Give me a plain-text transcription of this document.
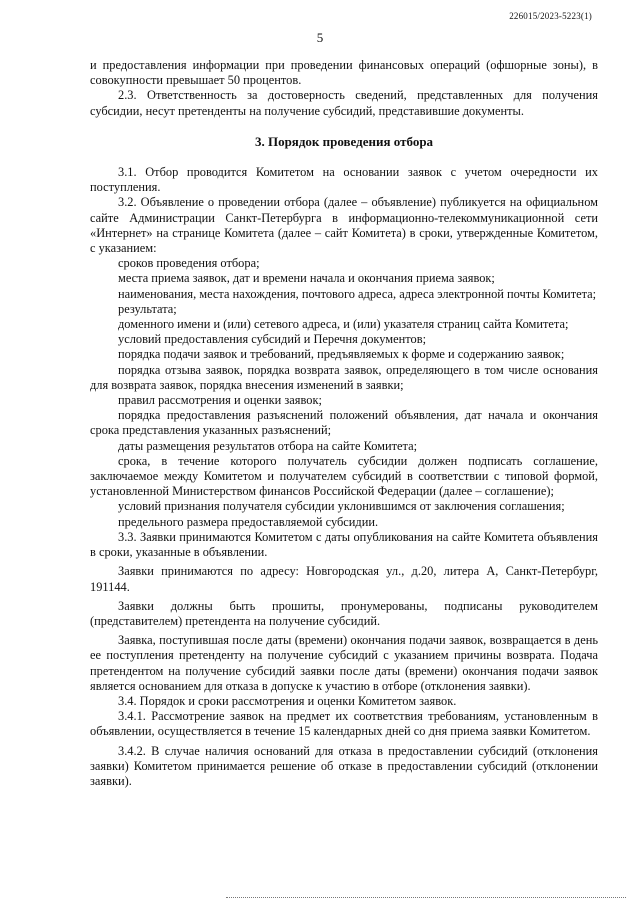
226015/2023-5223(1)
5

и предоставления информации при проведении финансовых операций (офшорные зоны), в совокупности превышает 50 процентов.

2.3. Ответственность за достоверность сведений, представленных для получения субсидии, несут претенденты на получение субсидий, представившие документы.

3. Порядок проведения отбора

3.1. Отбор проводится Комитетом на основании заявок с учетом очередности их поступления.

3.2. Объявление о проведении отбора (далее – объявление) публикуется на официальном сайте Администрации Санкт-Петербурга в информационно-телекоммуникационной сети «Интернет» на странице Комитета (далее – сайт Комитета) в сроки, утвержденные Комитетом, с указанием:

сроков проведения отбора;

места приема заявок, дат и времени начала и окончания приема заявок;

наименования, места нахождения, почтового адреса, адреса электронной почты Комитета;

результата;

доменного имени и (или) сетевого адреса, и (или) указателя страниц сайта Комитета;

условий предоставления субсидий и Перечня документов;

порядка подачи заявок и требований, предъявляемых к форме и содержанию заявок;

порядка отзыва заявок, порядка возврата заявок, определяющего в том числе основания для возврата заявок, порядка внесения изменений в заявки;

правил рассмотрения и оценки заявок;

порядка предоставления разъяснений положений объявления, дат начала и окончания срока представления указанных разъяснений;

даты размещения результатов отбора на сайте Комитета;

срока, в течение которого получатель субсидии должен подписать соглашение, заключаемое между Комитетом и получателем субсидий в соответствии с типовой формой, установленной Министерством финансов Российской Федерации (далее – соглашение);

условий признания получателя субсидии уклонившимся от заключения соглашения;

предельного размера предоставляемой субсидии.

3.3. Заявки принимаются Комитетом с даты опубликования на сайте Комитета объявления в сроки, указанные в объявлении.

Заявки принимаются по адресу: Новгородская ул., д.20, литера А, Санкт-Петербург, 191144.

Заявки должны быть прошиты, пронумерованы, подписаны руководителем (представителем) претендента на получение субсидий.

Заявка, поступившая после даты (времени) окончания подачи заявок, возвращается в день ее поступления претенденту на получение субсидий с указанием причины возврата. Подача претендентом на получение субсидий заявки после даты (времени) окончания подачи заявок является основанием для отказа в допуске к участию в отборе (отклонения заявки).

3.4. Порядок и сроки рассмотрения и оценки Комитетом заявок.

3.4.1. Рассмотрение заявок на предмет их соответствия требованиям, установленным в объявлении, осуществляется в течение 15 календарных дней со дня приема заявки Комитетом.

3.4.2. В случае наличия оснований для отказа в предоставлении субсидий (отклонения заявки) Комитетом принимается решение об отказе в предоставлении субсидий (отклонении заявки).
